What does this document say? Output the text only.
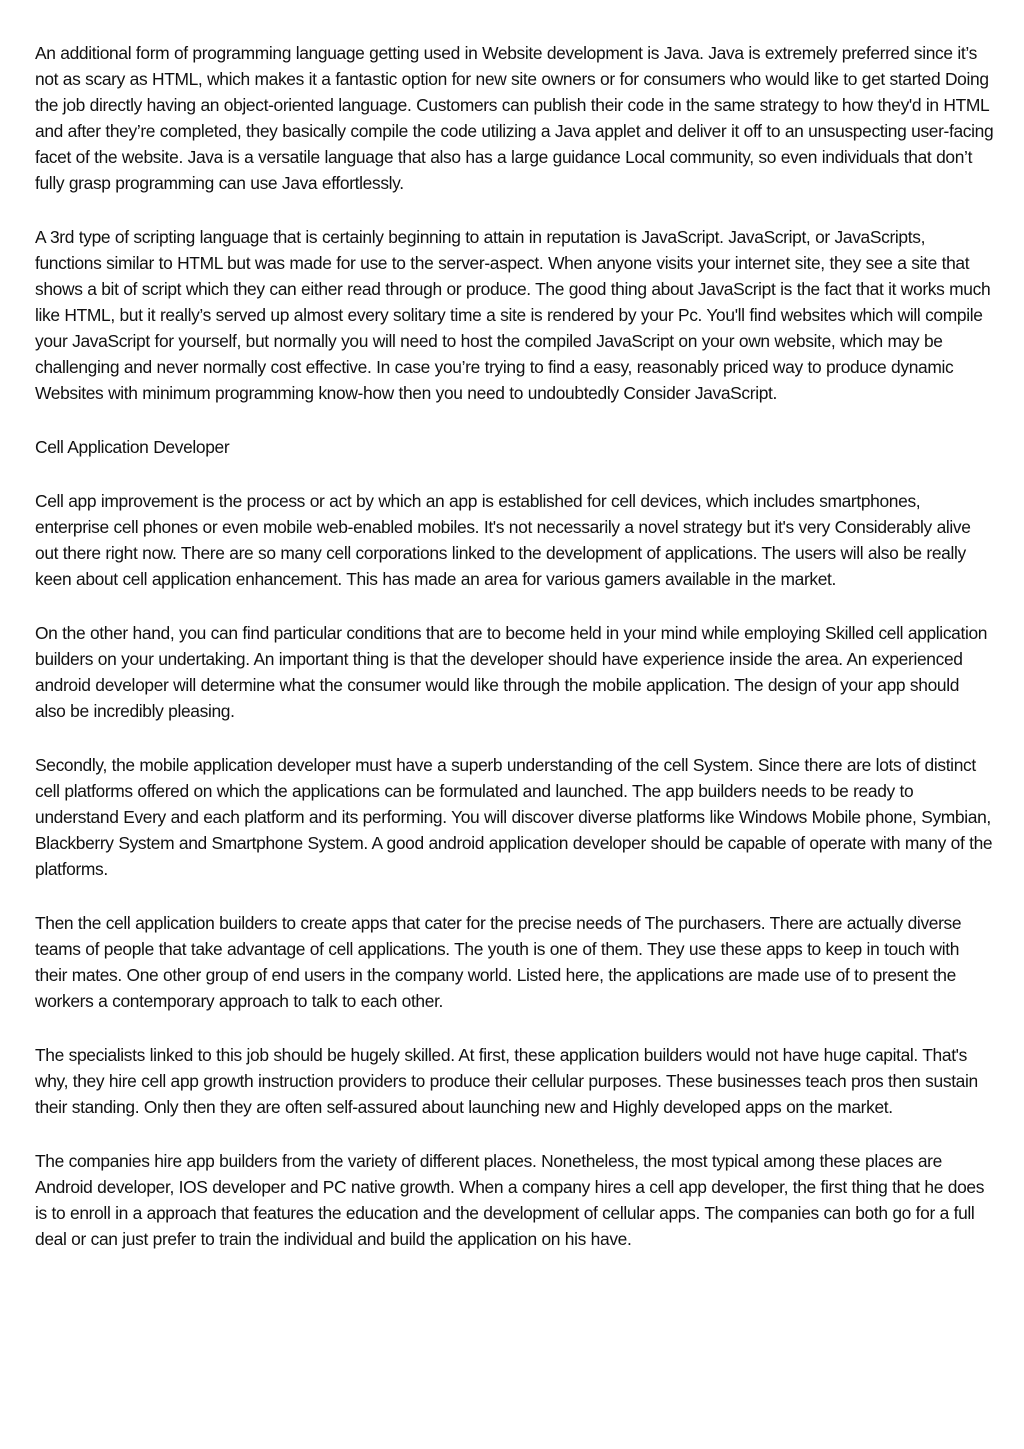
An additional form of programming language getting used in Website development is Java. Java is extremely preferred since it’s not as scary as HTML, which makes it a fantastic option for new site owners or for consumers who would like to get started Doing the job directly having an object-oriented language. Customers can publish their code in the same strategy to how they'd in HTML and after they’re completed, they basically compile the code utilizing a Java applet and deliver it off to an unsuspecting user-facing facet of the website. Java is a versatile language that also has a large guidance Local community, so even individuals that don’t fully grasp programming can use Java effortlessly.

A 3rd type of scripting language that is certainly beginning to attain in reputation is JavaScript. JavaScript, or JavaScripts, functions similar to HTML but was made for use to the server-aspect. When anyone visits your internet site, they see a site that shows a bit of script which they can either read through or produce. The good thing about JavaScript is the fact that it works much like HTML, but it really’s served up almost every solitary time a site is rendered by your Pc. You'll find websites which will compile your JavaScript for yourself, but normally you will need to host the compiled JavaScript on your own website, which may be challenging and never normally cost effective. In case you’re trying to find a easy, reasonably priced way to produce dynamic Websites with minimum programming know-how then you need to undoubtedly Consider JavaScript.

Cell Application Developer

Cell app improvement is the process or act by which an app is established for cell devices, which includes smartphones, enterprise cell phones or even mobile web-enabled mobiles. It's not necessarily a novel strategy but it's very Considerably alive out there right now. There are so many cell corporations linked to the development of applications. The users will also be really keen about cell application enhancement. This has made an area for various gamers available in the market.

On the other hand, you can find particular conditions that are to become held in your mind while employing Skilled cell application builders on your undertaking. An important thing is that the developer should have experience inside the area. An experienced android developer will determine what the consumer would like through the mobile application. The design of your app should also be incredibly pleasing.

Secondly, the mobile application developer must have a superb understanding of the cell System. Since there are lots of distinct cell platforms offered on which the applications can be formulated and launched. The app builders needs to be ready to understand Every and each platform and its performing. You will discover diverse platforms like Windows Mobile phone, Symbian, Blackberry System and Smartphone System. A good android application developer should be capable of operate with many of the platforms.

Then the cell application builders to create apps that cater for the precise needs of The purchasers. There are actually diverse teams of people that take advantage of cell applications. The youth is one of them. They use these apps to keep in touch with their mates. One other group of end users in the company world. Listed here, the applications are made use of to present the workers a contemporary approach to talk to each other.

The specialists linked to this job should be hugely skilled. At first, these application builders would not have huge capital. That's why, they hire cell app growth instruction providers to produce their cellular purposes. These businesses teach pros then sustain their standing. Only then they are often self-assured about launching new and Highly developed apps on the market.

The companies hire app builders from the variety of different places. Nonetheless, the most typical among these places are Android developer, IOS developer and PC native growth. When a company hires a cell app developer, the first thing that he does is to enroll in a approach that features the education and the development of cellular apps. The companies can both go for a full deal or can just prefer to train the individual and build the application on his have.
